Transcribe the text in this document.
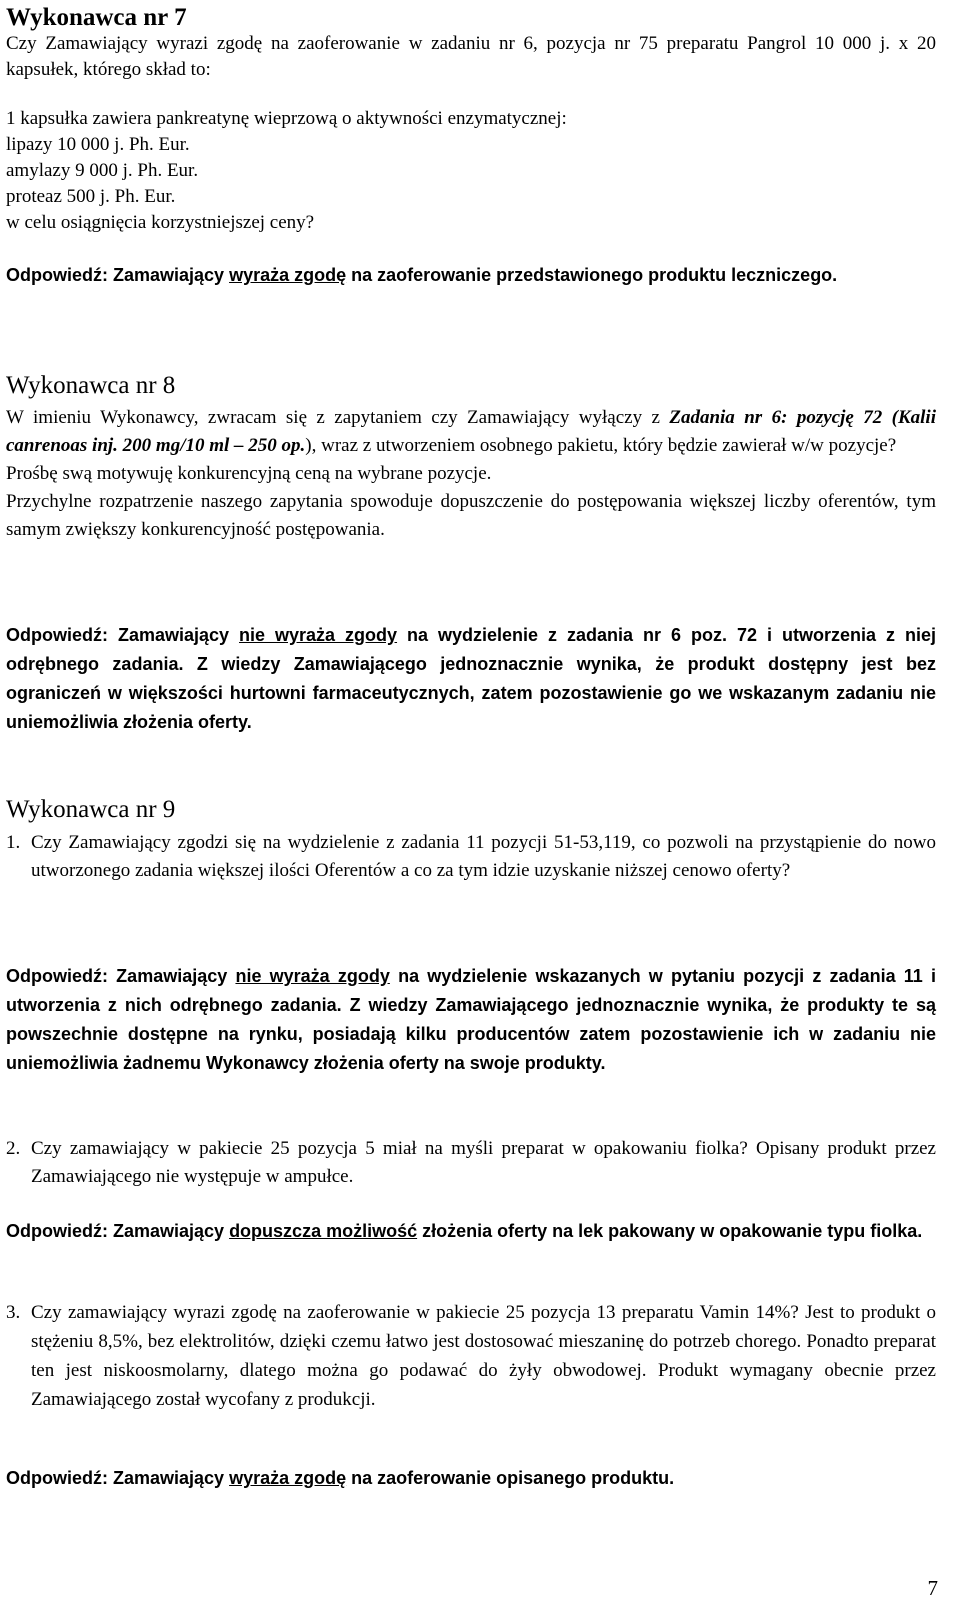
Wykonawca nr 7

Czy Zamawiający wyrazi zgodę na zaoferowanie w zadaniu nr 6, pozycja nr 75 preparatu Pangrol 10 000 j. x 20 kapsułek, którego skład to:

1 kapsułka zawiera pankreatynę wieprzową o aktywności enzymatycznej:

lipazy 10 000 j. Ph. Eur.

amylazy 9 000 j. Ph. Eur.

proteaz 500 j. Ph. Eur.

w celu osiągnięcia korzystniejszej ceny?

Odpowiedź: Zamawiający wyraża zgodę na zaoferowanie przedstawionego produktu leczniczego.

Wykonawca nr 8

W imieniu Wykonawcy, zwracam się z zapytaniem czy Zamawiający wyłączy z Zadania nr 6: pozycję 72 (Kalii canrenoas inj. 200 mg/10 ml – 250 op.), wraz z utworzeniem osobnego pakietu, który będzie zawierał w/w pozycje?

Prośbę swą motywuję konkurencyjną ceną na wybrane pozycje.

Przychylne rozpatrzenie naszego zapytania spowoduje dopuszczenie do postępowania większej liczby oferentów, tym samym zwiększy konkurencyjność postępowania.

Odpowiedź: Zamawiający nie wyraża zgody na wydzielenie z zadania nr 6 poz. 72 i utworzenia z niej odrębnego zadania. Z wiedzy Zamawiającego jednoznacznie wynika, że produkt dostępny jest bez ograniczeń w większości hurtowni farmaceutycznych, zatem pozostawienie go we wskazanym zadaniu nie uniemożliwia złożenia oferty.

Wykonawca nr 9
1. Czy Zamawiający zgodzi się na wydzielenie z zadania 11 pozycji 51-53,119, co pozwoli na przystąpienie do nowo utworzonego zadania większej ilości Oferentów a co za tym idzie uzyskanie niższej cenowo oferty?

Odpowiedź: Zamawiający nie wyraża zgody na wydzielenie wskazanych w pytaniu pozycji z zadania 11 i utworzenia z nich odrębnego zadania. Z wiedzy Zamawiającego jednoznacznie wynika, że produkty te są powszechnie dostępne na rynku, posiadają kilku producentów zatem pozostawienie ich w zadaniu nie uniemożliwia żadnemu Wykonawcy złożenia oferty na swoje produkty.

2. Czy zamawiający w pakiecie 25 pozycja 5 miał na myśli preparat w opakowaniu fiolka? Opisany produkt przez Zamawiającego nie występuje w ampułce.

Odpowiedź: Zamawiający dopuszcza możliwość złożenia oferty na lek pakowany w opakowanie typu fiolka.

3. Czy zamawiający wyrazi zgodę na zaoferowanie w pakiecie 25 pozycja 13 preparatu Vamin 14%? Jest to produkt o stężeniu 8,5%, bez elektrolitów, dzięki czemu łatwo jest dostosować mieszaninę do potrzeb chorego. Ponadto preparat ten jest niskoosmolarny, dlatego można go podawać do żyły obwodowej. Produkt wymagany obecnie przez Zamawiającego został wycofany z produkcji.

Odpowiedź: Zamawiający wyraża zgodę na zaoferowanie opisanego produktu.

7
